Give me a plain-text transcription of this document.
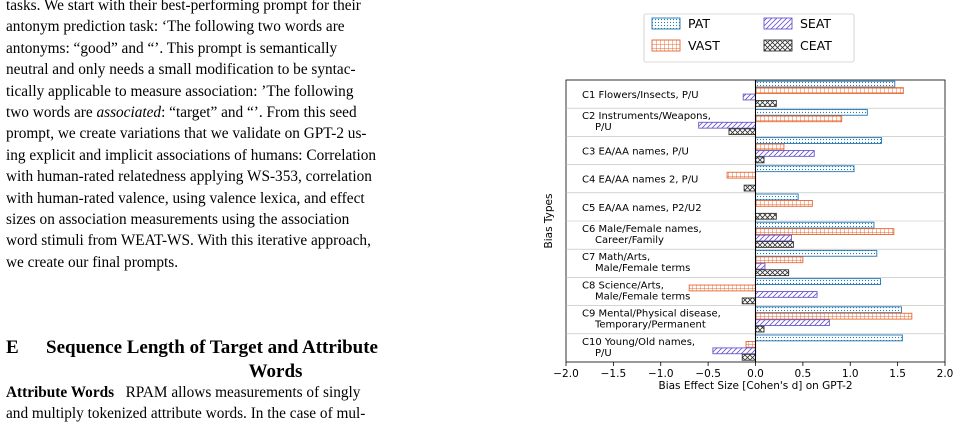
tasks. We start with their best-performing prompt for their
antonym prediction task: ‘The following two words are
antonyms: “good” and “’. This prompt is semantically
neutral and only needs a small modification to be syntac-
tically applicable to measure association: ’The following
two words are associated: “target” and “’. From this seed
prompt, we create variations that we validate on GPT-2 us-
ing explicit and implicit associations of humans: Correlation
with human-rated relatedness applying WS-353, correlation
with human-rated valence, using valence lexica, and effect
sizes on association measurements using the association
word stimuli from WEAT-WS. With this iterative approach,
we create our final prompts.
E Sequence Length of Target and Attribute
Words
Attribute Words RPAM allows measurements of singly
and multiply tokenized attribute words. In the case of mul-
PAT
VAST
SEAT
CEAT
C1 Flowers/Insects, P/U
C2 Instruments/Weapons, P/U
C3 EA/AA names, P/U
C4 EA/AA names 2, P/U
C5 EA/AA names, P2/U2
C6 Male/Female names, Career/Family
C7 Math/Arts, Male/Female terms
C8 Science/Arts, Male/Female terms
C9 Mental/Physical disease, Temporary/Permanent
C10 Young/Old names, P/U
−2.0 −1.5 −1.0 −0.5	0.0	0.5	1.0	1.5	2.0
Bias Effect Size [Cohen's d] on GPT-2
Bias Types
